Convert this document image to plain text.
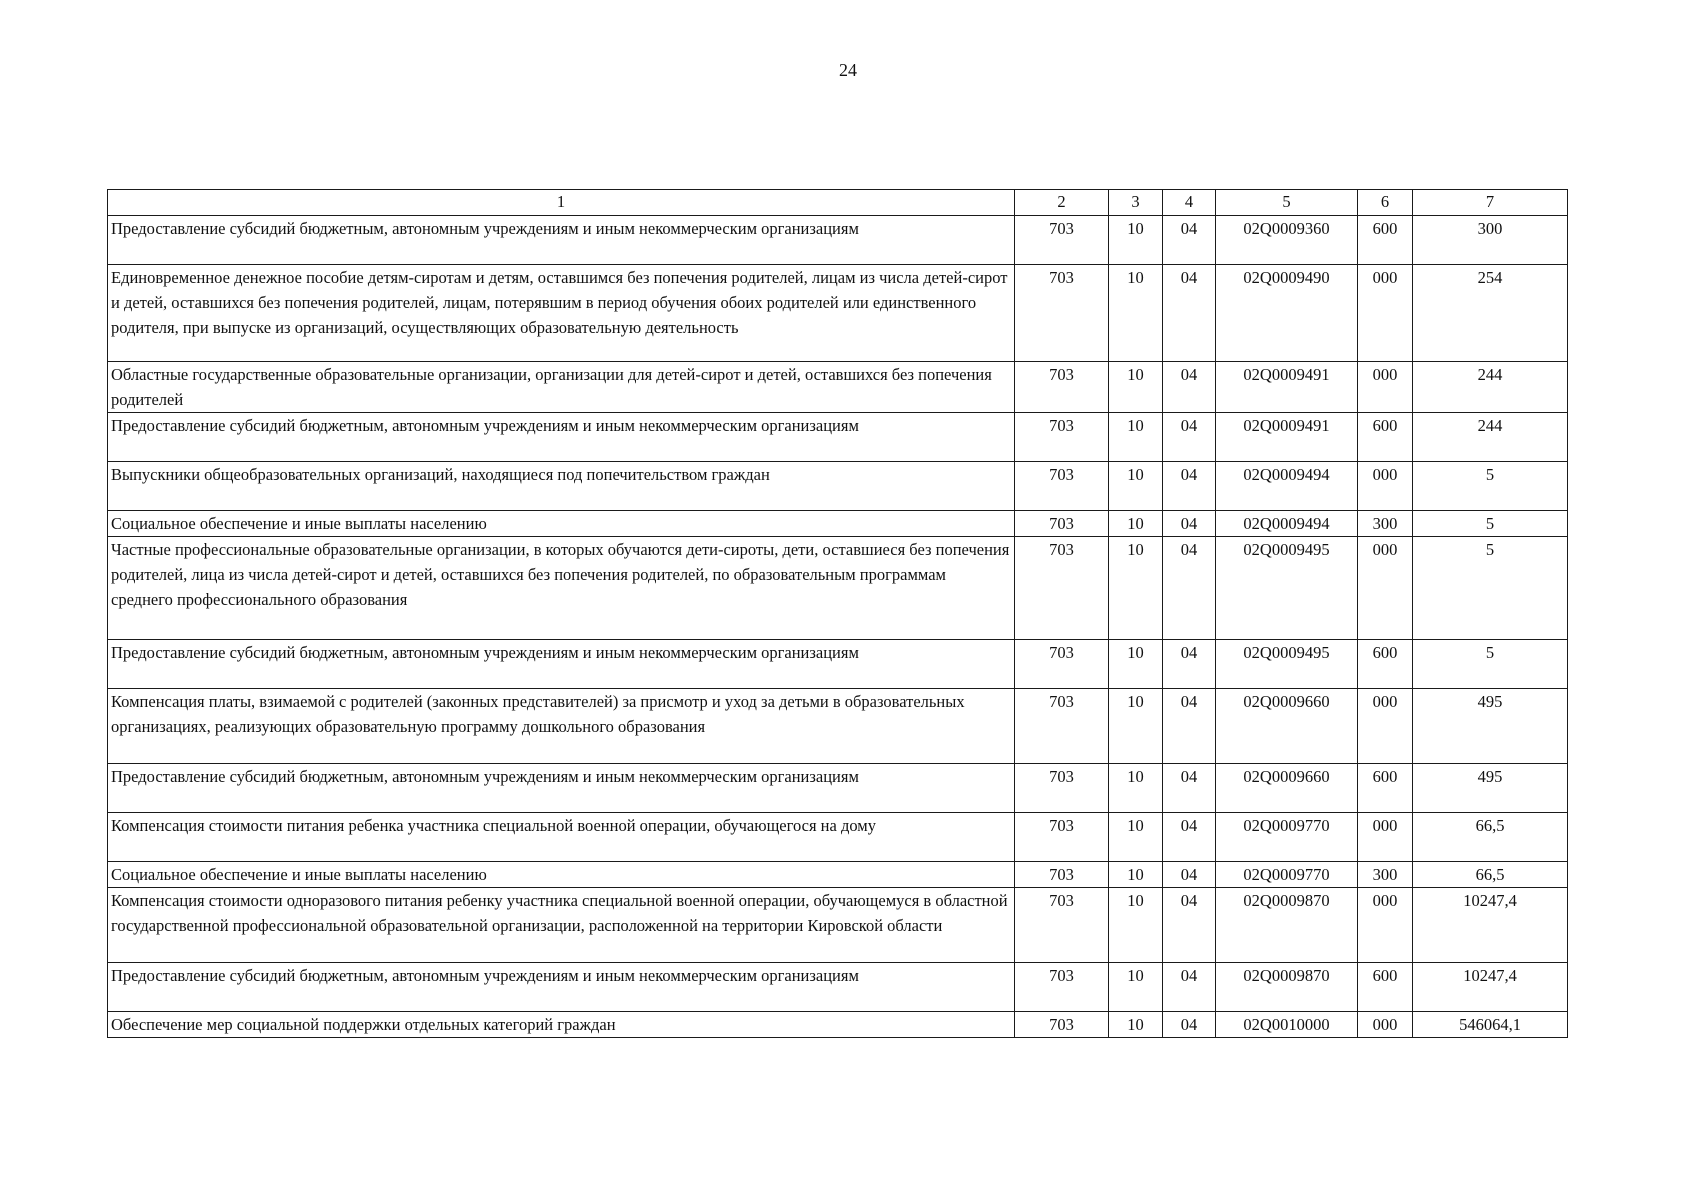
24
1	2	3	4	5	6	7
Предоставление субсидий бюджетным, автономным учреждениям и иным некоммерческим организациям	703	10	04	02Q0009360	600	300
Единовременное денежное пособие детям-сиротам и детям, оставшимся без попечения родителей, лицам из числа детей-сирот и детей, оставшихся без попечения родителей, лицам, потерявшим в период обучения обоих родителей или единственного родителя, при выпуске из организаций, осуществляющих образовательную деятельность	703	10	04	02Q0009490	000	254
Областные государственные образовательные организации, организации для детей-сирот и детей, оставшихся без попечения родителей	703	10	04	02Q0009491	000	244
Предоставление субсидий бюджетным, автономным учреждениям и иным некоммерческим организациям	703	10	04	02Q0009491	600	244
Выпускники общеобразовательных организаций, находящиеся под попечительством граждан	703	10	04	02Q0009494	000	5
Социальное обеспечение и иные выплаты населению	703	10	04	02Q0009494	300	5
Частные профессиональные образовательные организации, в которых обучаются дети-сироты, дети, оставшиеся без попечения родителей, лица из числа детей-сирот и детей, оставшихся без попечения родителей, по образовательным программам среднего профессионального образования	703	10	04	02Q0009495	000	5
Предоставление субсидий бюджетным, автономным учреждениям и иным некоммерческим организациям	703	10	04	02Q0009495	600	5
Компенсация платы, взимаемой с родителей (законных представителей) за присмотр и уход за детьми в образовательных организациях, реализующих образовательную программу дошкольного образования	703	10	04	02Q0009660	000	495
Предоставление субсидий бюджетным, автономным учреждениям и иным некоммерческим организациям	703	10	04	02Q0009660	600	495
Компенсация стоимости питания ребенка участника специальной военной операции, обучающегося на дому	703	10	04	02Q0009770	000	66,5
Социальное обеспечение и иные выплаты населению	703	10	04	02Q0009770	300	66,5
Компенсация стоимости одноразового питания ребенку участника специальной военной операции, обучающемуся в областной государственной профессиональной образовательной организации, расположенной на территории Кировской области	703	10	04	02Q0009870	000	10247,4
Предоставление субсидий бюджетным, автономным учреждениям и иным некоммерческим организациям	703	10	04	02Q0009870	600	10247,4
Обеспечение мер социальной поддержки отдельных категорий граждан	703	10	04	02Q0010000	000	546064,1
